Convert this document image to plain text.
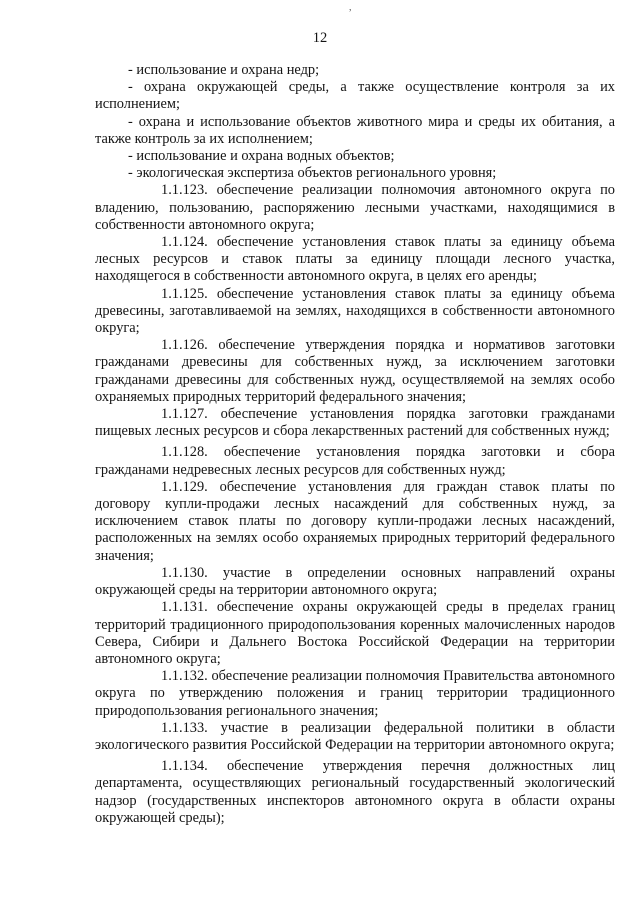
,
12

- использование и охрана недр;

- охрана окружающей среды, а также осуществление контроля за их исполнением;

- охрана и использование объектов животного мира и среды их обитания, а также контроль за их исполнением;

- использование и охрана водных объектов;

- экологическая экспертиза объектов регионального уровня;

1.1.123. обеспечение реализации полномочия автономного округа по владению, пользованию, распоряжению лесными участками, находящимися в собственности автономного округа;

1.1.124. обеспечение установления ставок платы за единицу объема лесных ресурсов и ставок платы за единицу площади лесного участка, находящегося в собственности автономного округа, в целях его аренды;

1.1.125. обеспечение установления ставок платы за единицу объема древесины, заготавливаемой на землях, находящихся в собственности автономного округа;

1.1.126. обеспечение утверждения порядка и нормативов заготовки гражданами древесины для собственных нужд, за исключением заготовки гражданами древесины для собственных нужд, осуществляемой на землях особо охраняемых природных территорий федерального значения;

1.1.127. обеспечение установления порядка заготовки гражданами пищевых лесных ресурсов и сбора лекарственных растений для собственных нужд;

1.1.128. обеспечение установления порядка заготовки и сбора гражданами недревесных лесных ресурсов для собственных нужд;

1.1.129. обеспечение установления для граждан ставок платы по договору купли-продажи лесных насаждений для собственных нужд, за исключением ставок платы по договору купли-продажи лесных насаждений, расположенных на землях особо охраняемых природных территорий федерального значения;

1.1.130. участие в определении основных направлений охраны окружающей среды на территории автономного округа;

1.1.131. обеспечение охраны окружающей среды в пределах границ территорий традиционного природопользования коренных малочисленных народов Севера, Сибири и Дальнего Востока Российской Федерации на территории автономного округа;

1.1.132. обеспечение реализации полномочия Правительства автономного округа по утверждению положения и границ территории традиционного природопользования регионального значения;

1.1.133. участие в реализации федеральной политики в области экологического развития Российской Федерации на территории автономного округа;

1.1.134. обеспечение утверждения перечня должностных лиц департамента, осуществляющих региональный государственный экологический надзор (государственных инспекторов автономного округа в области охраны окружающей среды);
